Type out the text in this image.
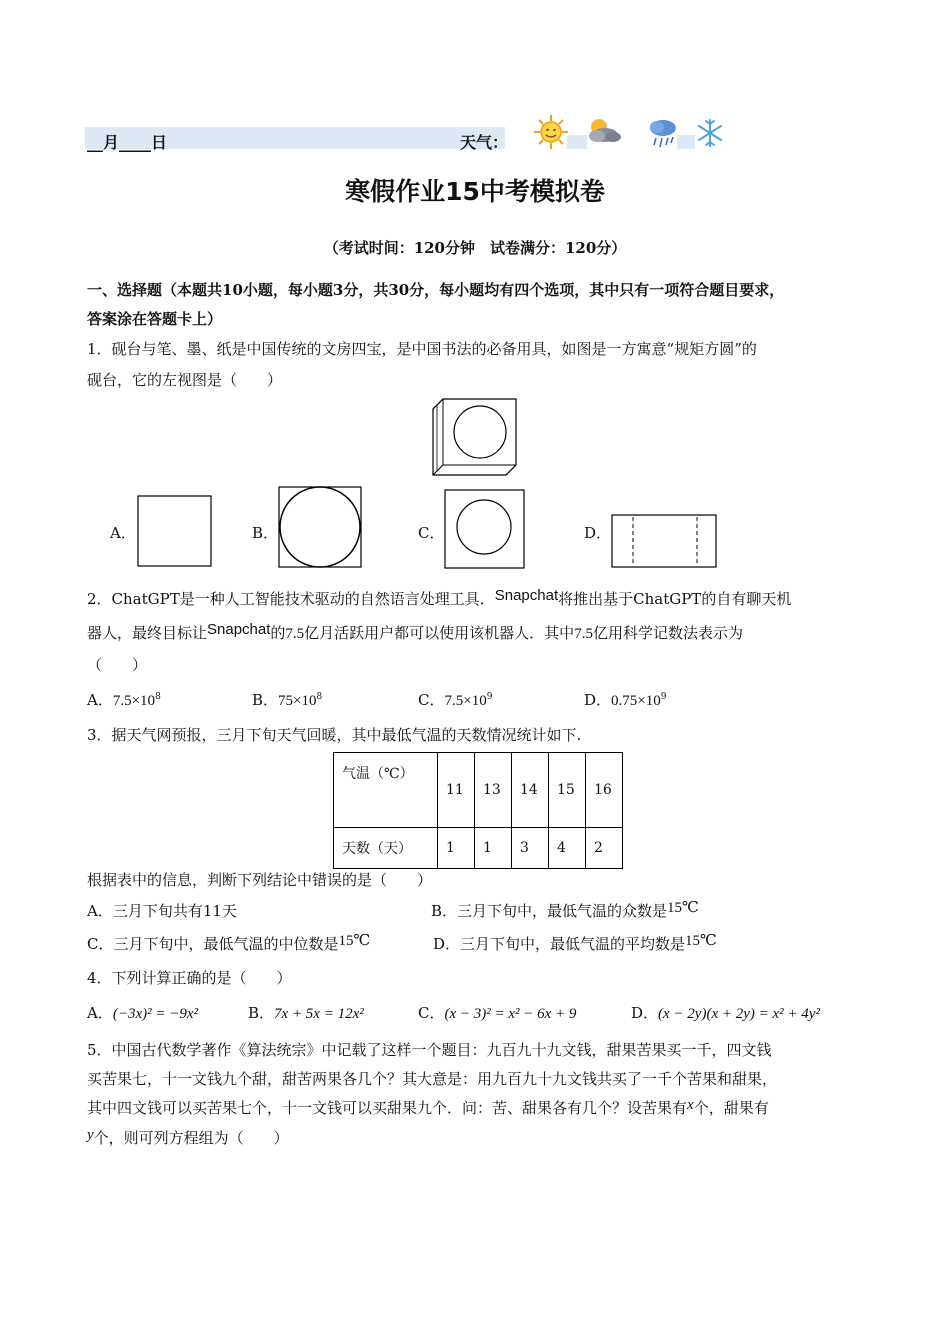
__月____日	天气：
寒假作业15中考模拟卷
（考试时间：120分钟　试卷满分：120分）
一、选择题（本题共10小题，每小题3分，共30分，每小题均有四个选项，其中只有一项符合题目要求，
答案涂在答题卡上）
1．砚台与笔、墨、纸是中国传统的文房四宝，是中国书法的必备用具，如图是一方寓意“规矩方圆”的
砚台，它的左视图是（　　）
A．	B．	C．	D．
2．ChatGPT是一种人工智能技术驱动的自然语言处理工具．Snapchat将推出基于ChatGPT的自有聊天机
器人，最终目标让Snapchat的7.5亿月活跃用户都可以使用该机器人．其中7.5亿用科学记数法表示为
（　　）
A．$7.5\times 10^8$	B．$75\times 10^8$	C．$7.5\times 10^9$	D．$0.75\times 10^9$
3．据天气网预报，三月下旬天气回暖，其中最低气温的天数情况统计如下.
气温（℃）	11	13	14	15	16
天数（天）	1	1	3	4	2
根据表中的信息，判断下列结论中错误的是（　　）
A．三月下旬共有11天	B．三月下旬中，最低气温的众数是15℃
C．三月下旬中，最低气温的中位数是15℃	D．三月下旬中，最低气温的平均数是15℃
4．下列计算正确的是（　　）
A．(−3x)² = −9x²	B．7x + 5x = 12x²	C．(x − 3)² = x² − 6x + 9	D．(x − 2y)(x + 2y) = x² + 4y²
5．中国古代数学著作《算法统宗》中记载了这样一个题目：九百九十九文钱，甜果苦果买一千，四文钱
买苦果七，十一文钱九个甜，甜苦两果各几个？其大意是：用九百九十九文钱共买了一千个苦果和甜果，
其中四文钱可以买苦果七个，十一文钱可以买甜果九个．问：苦、甜果各有几个？设苦果有x个，甜果有
y个，则可列方程组为（　　）
